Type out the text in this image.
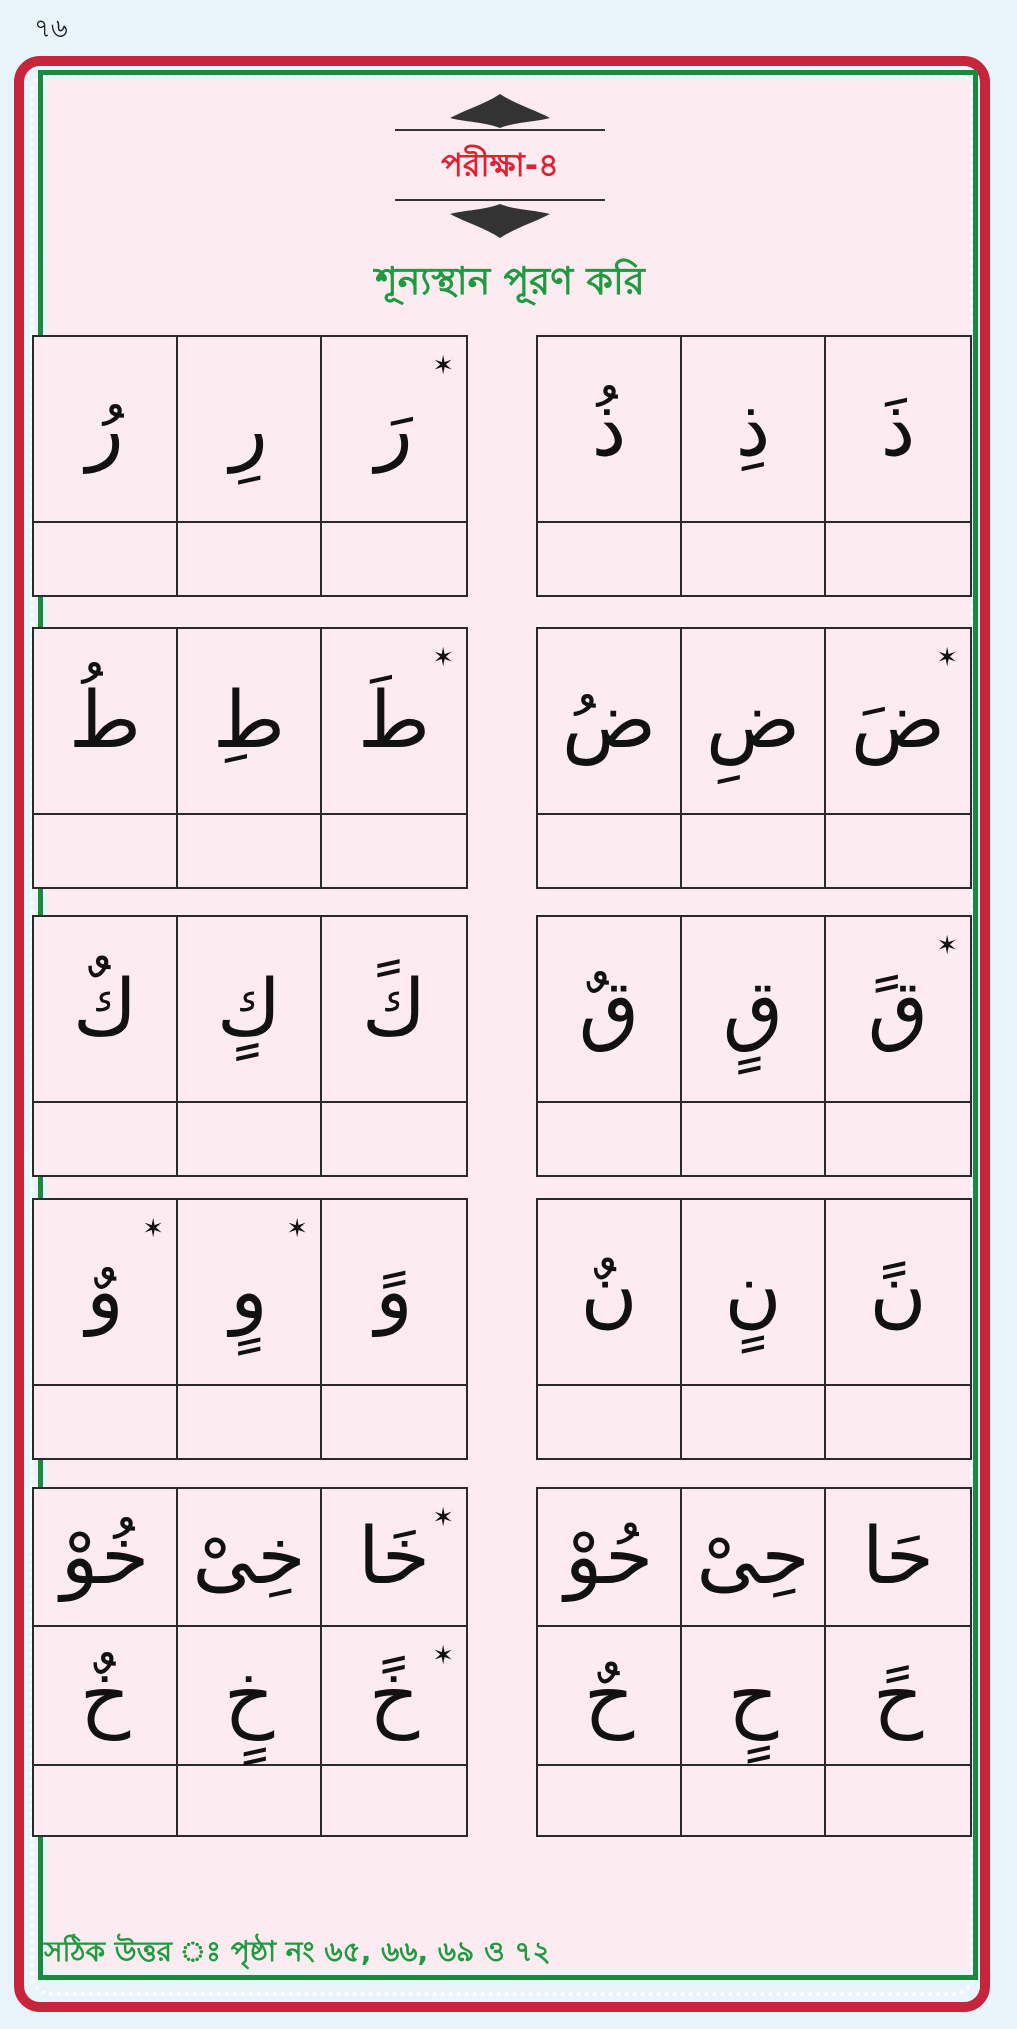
৭৬
পরীক্ষা-৪
শূন্যস্থান পূরণ করি
رُ رِ رَ
✶
ذُ ذِ ذَ
طُ طِ طَ
✶
ضُ ضِ ضَ
✶
كٌ كٍ كً قٌ قٍ قً
✶
وٌ
✶
وٍ
✶
وً نٌ نٍ نً
خُوْ خِىْ خَا ✶
خٌ خٍ خً ✶
حُوْ حِىْ حَا
حٌ حٍ حً
সঠিক উত্তর ঃ পৃষ্ঠা নং ৬৫, ৬৬, ৬৯ ও ৭২
